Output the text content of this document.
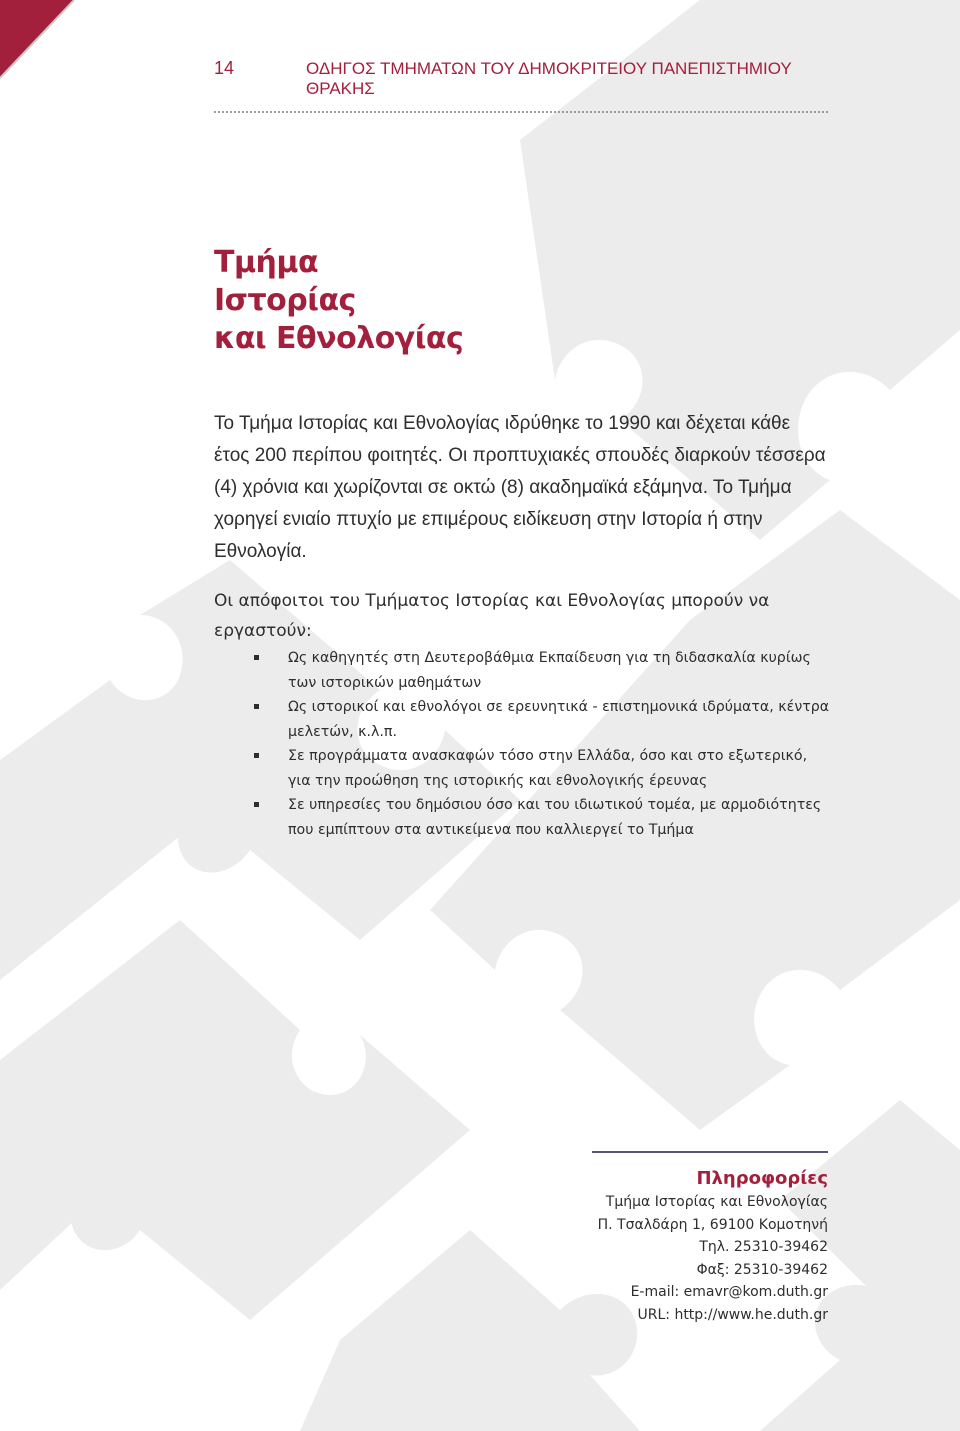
14	ΟΔΗΓΟΣ ΤΜΗΜΑΤΩΝ ΤΟΥ ΔΗΜΟΚΡΙΤΕΙΟΥ ΠΑΝΕΠΙΣΤΗΜΙΟΥ ΘΡΑΚΗΣ
Τμήμα
Ιστορίας
και Εθνολογίας

Το Τμήμα Ιστορίας και Εθνολογίας ιδρύθηκε το 1990 και δέχεται κάθε
έτος 200 περίπου φοιτητές. Οι προπτυχιακές σπουδές διαρκούν τέσσερα
(4) χρόνια και χωρίζονται σε οκτώ (8) ακαδημαϊκά εξάμηνα. Το Τμήμα
χορηγεί ενιαίο πτυχίο με επιμέρους ειδίκευση στην Ιστορία ή στην
Εθνολογία.

Οι απόφοιτοι του Τμήματος Ιστορίας και Εθνολογίας μπορούν να
εργαστούν:

Ως καθηγητές στη Δευτεροβάθμια Εκπαίδευση για τη διδασκαλία κυρίως
των ιστορικών μαθημάτων
Ως ιστορικοί και εθνολόγοι σε ερευνητικά - επιστημονικά ιδρύματα, κέντρα
μελετών, κ.λ.π.
Σε προγράμματα ανασκαφών τόσο στην Ελλάδα, όσο και στο εξωτερικό,
για την προώθηση της ιστορικής και εθνολογικής έρευνας
Σε υπηρεσίες του δημόσιου όσο και του ιδιωτικού τομέα, με αρμοδιότητες
που εμπίπτουν στα αντικείμενα που καλλιεργεί το Τμήμα
Πληροφορίες
Τμήμα Ιστορίας και Εθνολογίας
Π. Τσαλδάρη 1, 69100 Κομοτηνή
Τηλ. 25310-39462
Φαξ: 25310-39462
E-mail: emavr@kom.duth.gr
URL: http://www.he.duth.gr
